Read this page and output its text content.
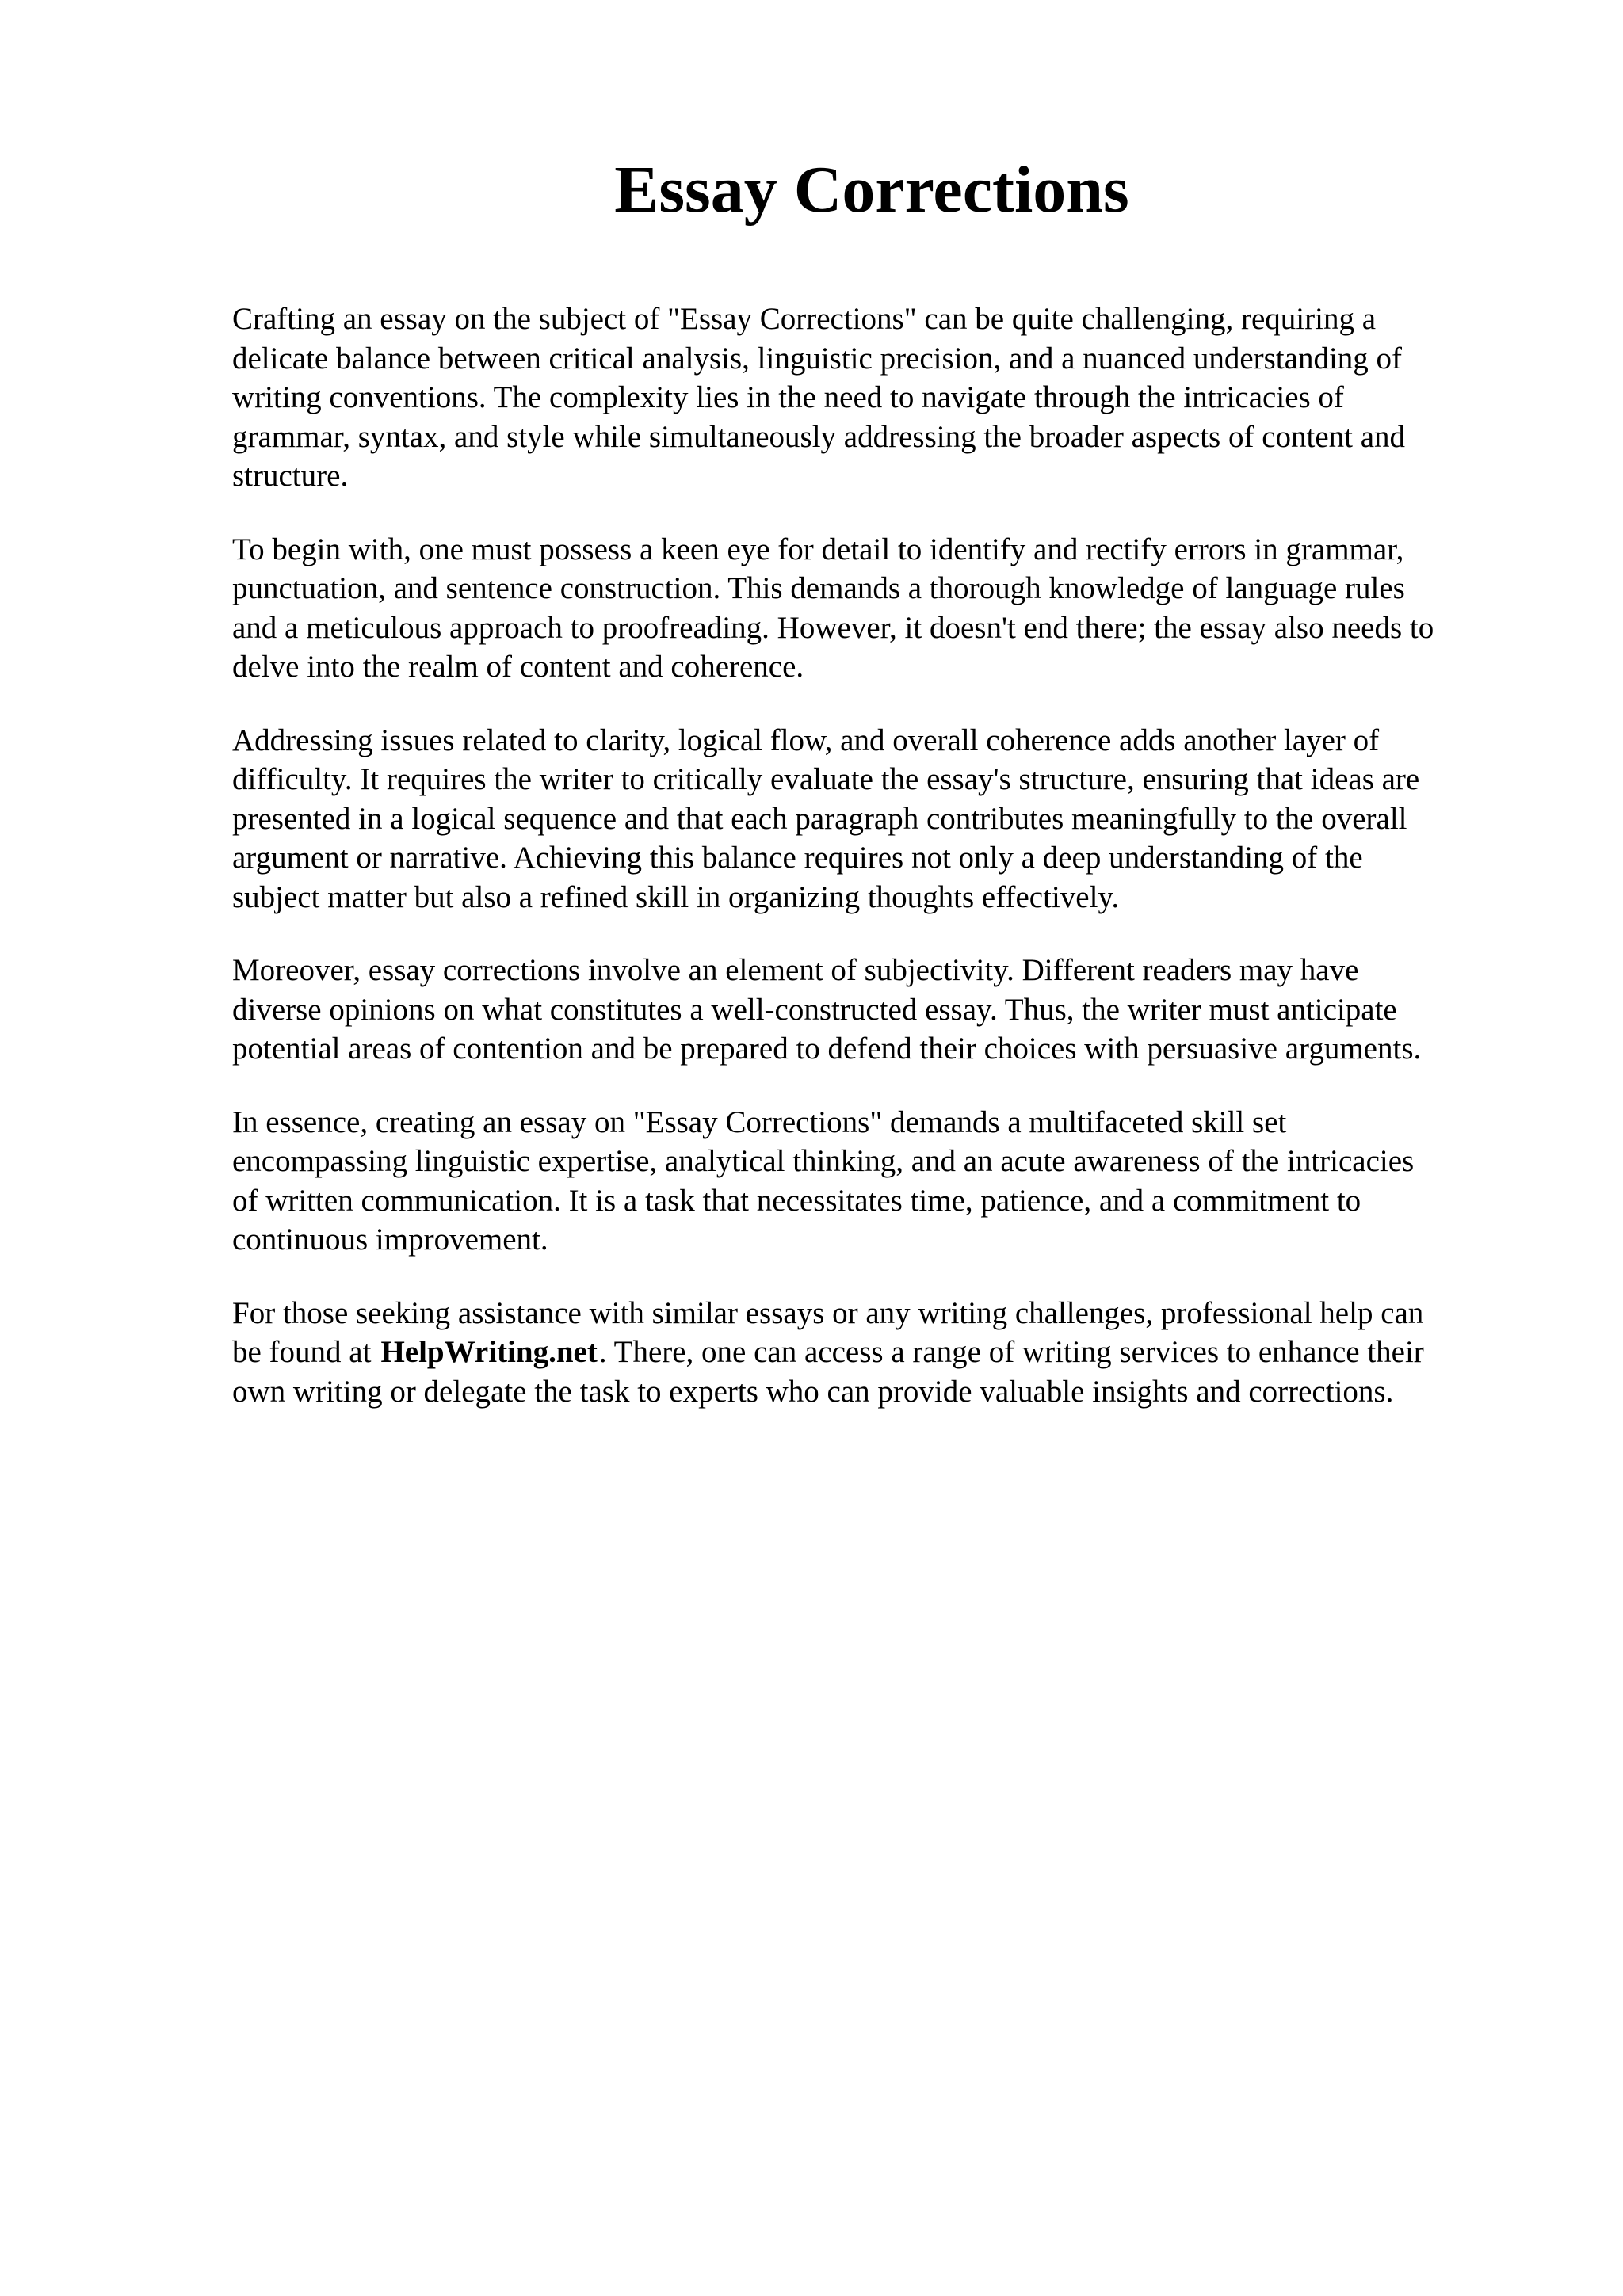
Essay Corrections

Crafting an essay on the subject of "Essay Corrections" can be quite challenging, requiring a
delicate balance between critical analysis, linguistic precision, and a nuanced understanding of
writing conventions. The complexity lies in the need to navigate through the intricacies of
grammar, syntax, and style while simultaneously addressing the broader aspects of content and
structure.

To begin with, one must possess a keen eye for detail to identify and rectify errors in grammar,
punctuation, and sentence construction. This demands a thorough knowledge of language rules
and a meticulous approach to proofreading. However, it doesn't end there; the essay also needs to
delve into the realm of content and coherence.

Addressing issues related to clarity, logical flow, and overall coherence adds another layer of
difficulty. It requires the writer to critically evaluate the essay's structure, ensuring that ideas are
presented in a logical sequence and that each paragraph contributes meaningfully to the overall
argument or narrative. Achieving this balance requires not only a deep understanding of the
subject matter but also a refined skill in organizing thoughts effectively.

Moreover, essay corrections involve an element of subjectivity. Different readers may have
diverse opinions on what constitutes a well-constructed essay. Thus, the writer must anticipate
potential areas of contention and be prepared to defend their choices with persuasive arguments.

In essence, creating an essay on "Essay Corrections" demands a multifaceted skill set
encompassing linguistic expertise, analytical thinking, and an acute awareness of the intricacies
of written communication. It is a task that necessitates time, patience, and a commitment to
continuous improvement.

For those seeking assistance with similar essays or any writing challenges, professional help can
be found at HelpWriting.net. There, one can access a range of writing services to enhance their
own writing or delegate the task to experts who can provide valuable insights and corrections.
